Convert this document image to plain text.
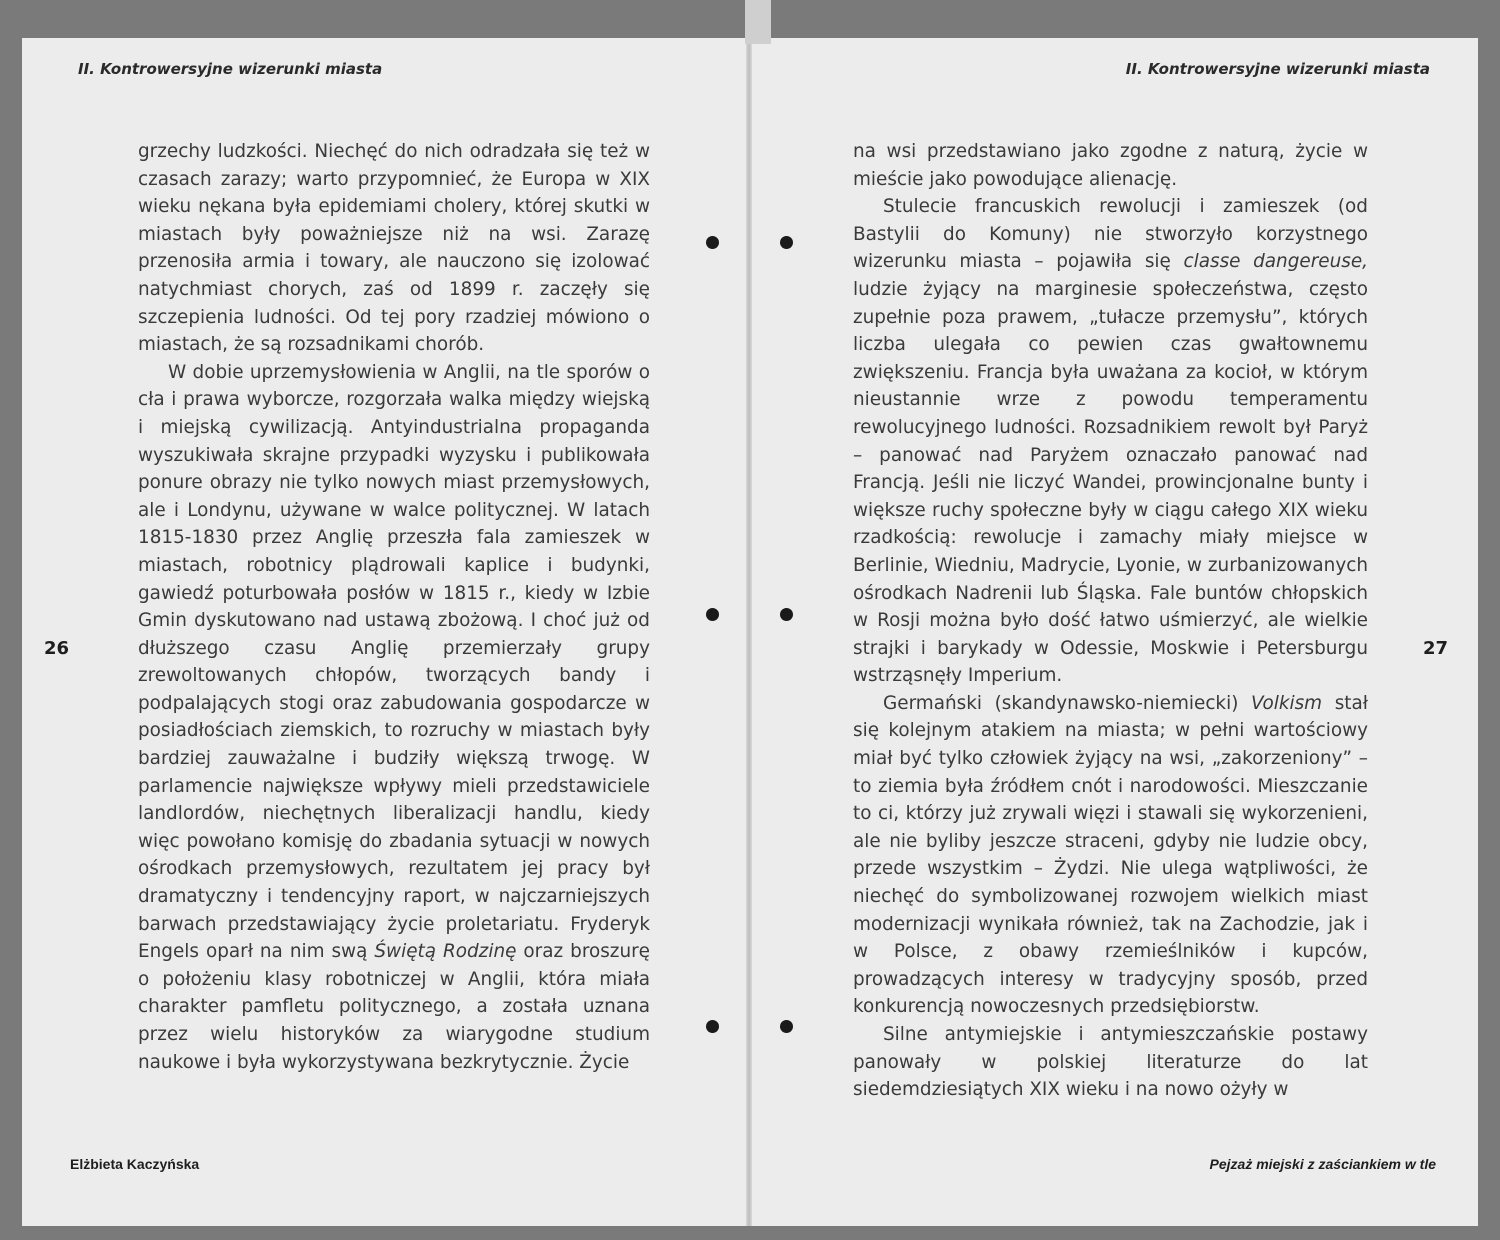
II. Kontrowersyjne wizerunki miasta

grzechy ludzkości. Niechęć do nich odradzała się też w czasach zarazy; warto przypomnieć, że Europa w XIX wieku nękana była epidemiami cholery, której skutki w miastach były poważniejsze niż na wsi. Zarazę przenosiła armia i towary, ale nauczono się izolować natychmiast chorych, zaś od 1899 r. zaczęły się szczepienia ludności. Od tej pory rzadziej mówiono o miastach, że są rozsadnikami chorób.

W dobie uprzemysłowienia w Anglii, na tle sporów o cła i prawa wyborcze, rozgorzała walka między wiejską i miejską cywilizacją. Antyindustrialna propaganda wyszukiwała skrajne przypadki wyzysku i publikowała ponure obrazy nie tylko nowych miast przemysłowych, ale i Londynu, używane w walce politycznej. W latach 1815-1830 przez Anglię przeszła fala zamieszek w miastach, robotnicy plądrowali kaplice i budynki, gawiedź poturbowała posłów w 1815 r., kiedy w Izbie Gmin dyskutowano nad ustawą zbożową. I choć już od dłuższego czasu Anglię przemierzały grupy zrewoltowanych chłopów, tworzących bandy i podpalających stogi oraz zabudowania gospodarcze w posiadłościach ziemskich, to rozruchy w miastach były bardziej zauważalne i budziły większą trwogę. W parlamencie największe wpływy mieli przedstawiciele landlordów, niechętnych liberalizacji handlu, kiedy więc powołano komisję do zbadania sytuacji w nowych ośrodkach przemysłowych, rezultatem jej pracy był dramatyczny i tendencyjny raport, w najczarniejszych barwach przedstawiający życie proletariatu. Fryderyk Engels oparł na nim swą Świętą Rodzinę oraz broszurę o położeniu klasy robotniczej w Anglii, która miała charakter pamfletu politycznego, a została uznana przez wielu historyków za wiarygodne studium naukowe i była wykorzystywana bezkrytycznie. Życie

26
Elżbieta Kaczyńska
II. Kontrowersyjne wizerunki miasta

na wsi przedstawiano jako zgodne z naturą, życie w mieście jako powodujące alienację.

Stulecie francuskich rewolucji i zamieszek (od Bastylii do Komuny) nie stworzyło korzystnego wizerunku miasta – pojawiła się classe dangereuse, ludzie żyjący na marginesie społeczeństwa, często zupełnie poza prawem, „tułacze przemysłu”, których liczba ulegała co pewien czas gwałtownemu zwiększeniu. Francja była uważana za kocioł, w którym nieustannie wrze z powodu temperamentu rewolucyjnego ludności. Rozsadnikiem rewolt był Paryż – panować nad Paryżem oznaczało panować nad Francją. Jeśli nie liczyć Wandei, prowincjonalne bunty i większe ruchy społeczne były w ciągu całego XIX wieku rzadkością: rewolucje i zamachy miały miejsce w Berlinie, Wiedniu, Madrycie, Lyonie, w zurbanizowanych ośrodkach Nadrenii lub Śląska. Fale buntów chłopskich w Rosji można było dość łatwo uśmierzyć, ale wielkie strajki i barykady w Odessie, Moskwie i Petersburgu wstrząsnęły Imperium.

Germański (skandynawsko-niemiecki) Volkism stał się kolejnym atakiem na miasta; w pełni wartościowy miał być tylko człowiek żyjący na wsi, „zakorzeniony” – to ziemia była źródłem cnót i narodowości. Mieszczanie to ci, którzy już zrywali więzi i stawali się wykorzenieni, ale nie byliby jeszcze straceni, gdyby nie ludzie obcy, przede wszystkim – Żydzi. Nie ulega wątpliwości, że niechęć do symbolizowanej rozwojem wielkich miast modernizacji wynikała również, tak na Zachodzie, jak i w Polsce, z obawy rzemieślników i kupców, prowadzących interesy w tradycyjny sposób, przed konkurencją nowoczesnych przedsiębiorstw.

Silne antymiejskie i antymieszczańskie postawy panowały w polskiej literaturze do lat siedemdziesiątych XIX wieku i na nowo ożyły w

27
Pejzaż miejski z zaściankiem w tle
